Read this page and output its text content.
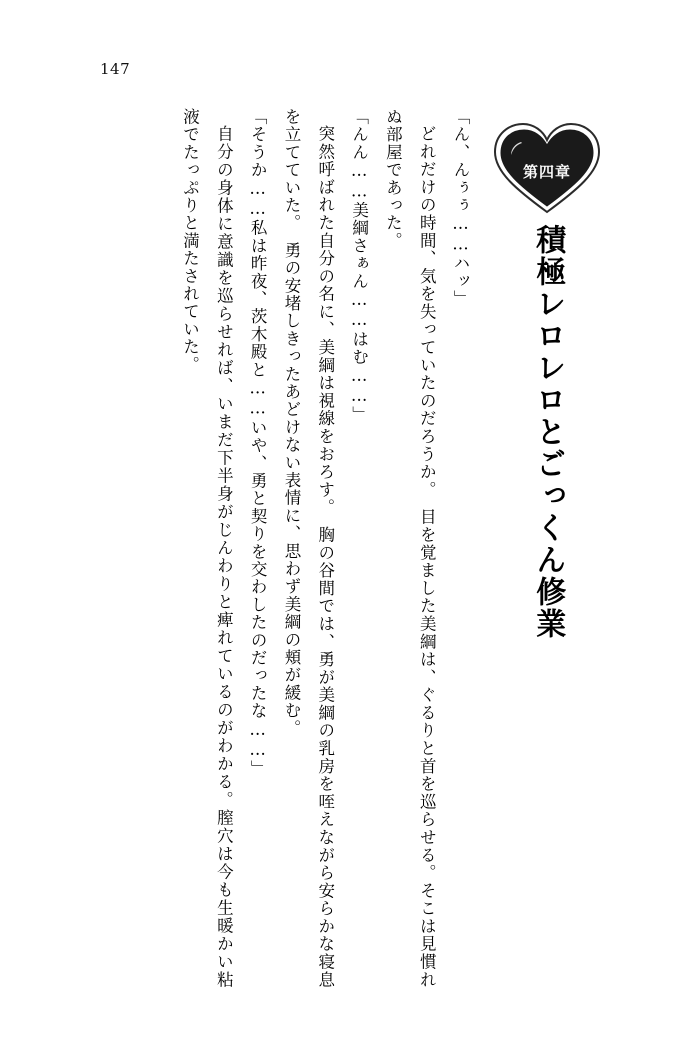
147
第四章
積極レロレロとごっくん修業

「ん、んぅぅ……ハッ」

どれだけの時間、気を失っていたのだろうか。　目を覚ました美綱は、ぐるりと首を巡らせる。そこは見慣れぬ部屋であった。

「んん……美綱さぁん……はむ……」

突然呼ばれた自分の名に、美綱は視線をおろす。　胸の谷間では、勇が美綱の乳房を咥えながら安らかな寝息を立てていた。　勇の安堵しきったあどけない表情に、思わず美綱の頬が緩む。

「そうか……私は昨夜、茨木殿と……いや、勇と契りを交わしたのだったな……」

自分の身体に意識を巡らせれば、いまだ下半身がじんわりと痺れているのがわかる。膣穴は今も生暖かい粘液でたっぷりと満たされていた。
